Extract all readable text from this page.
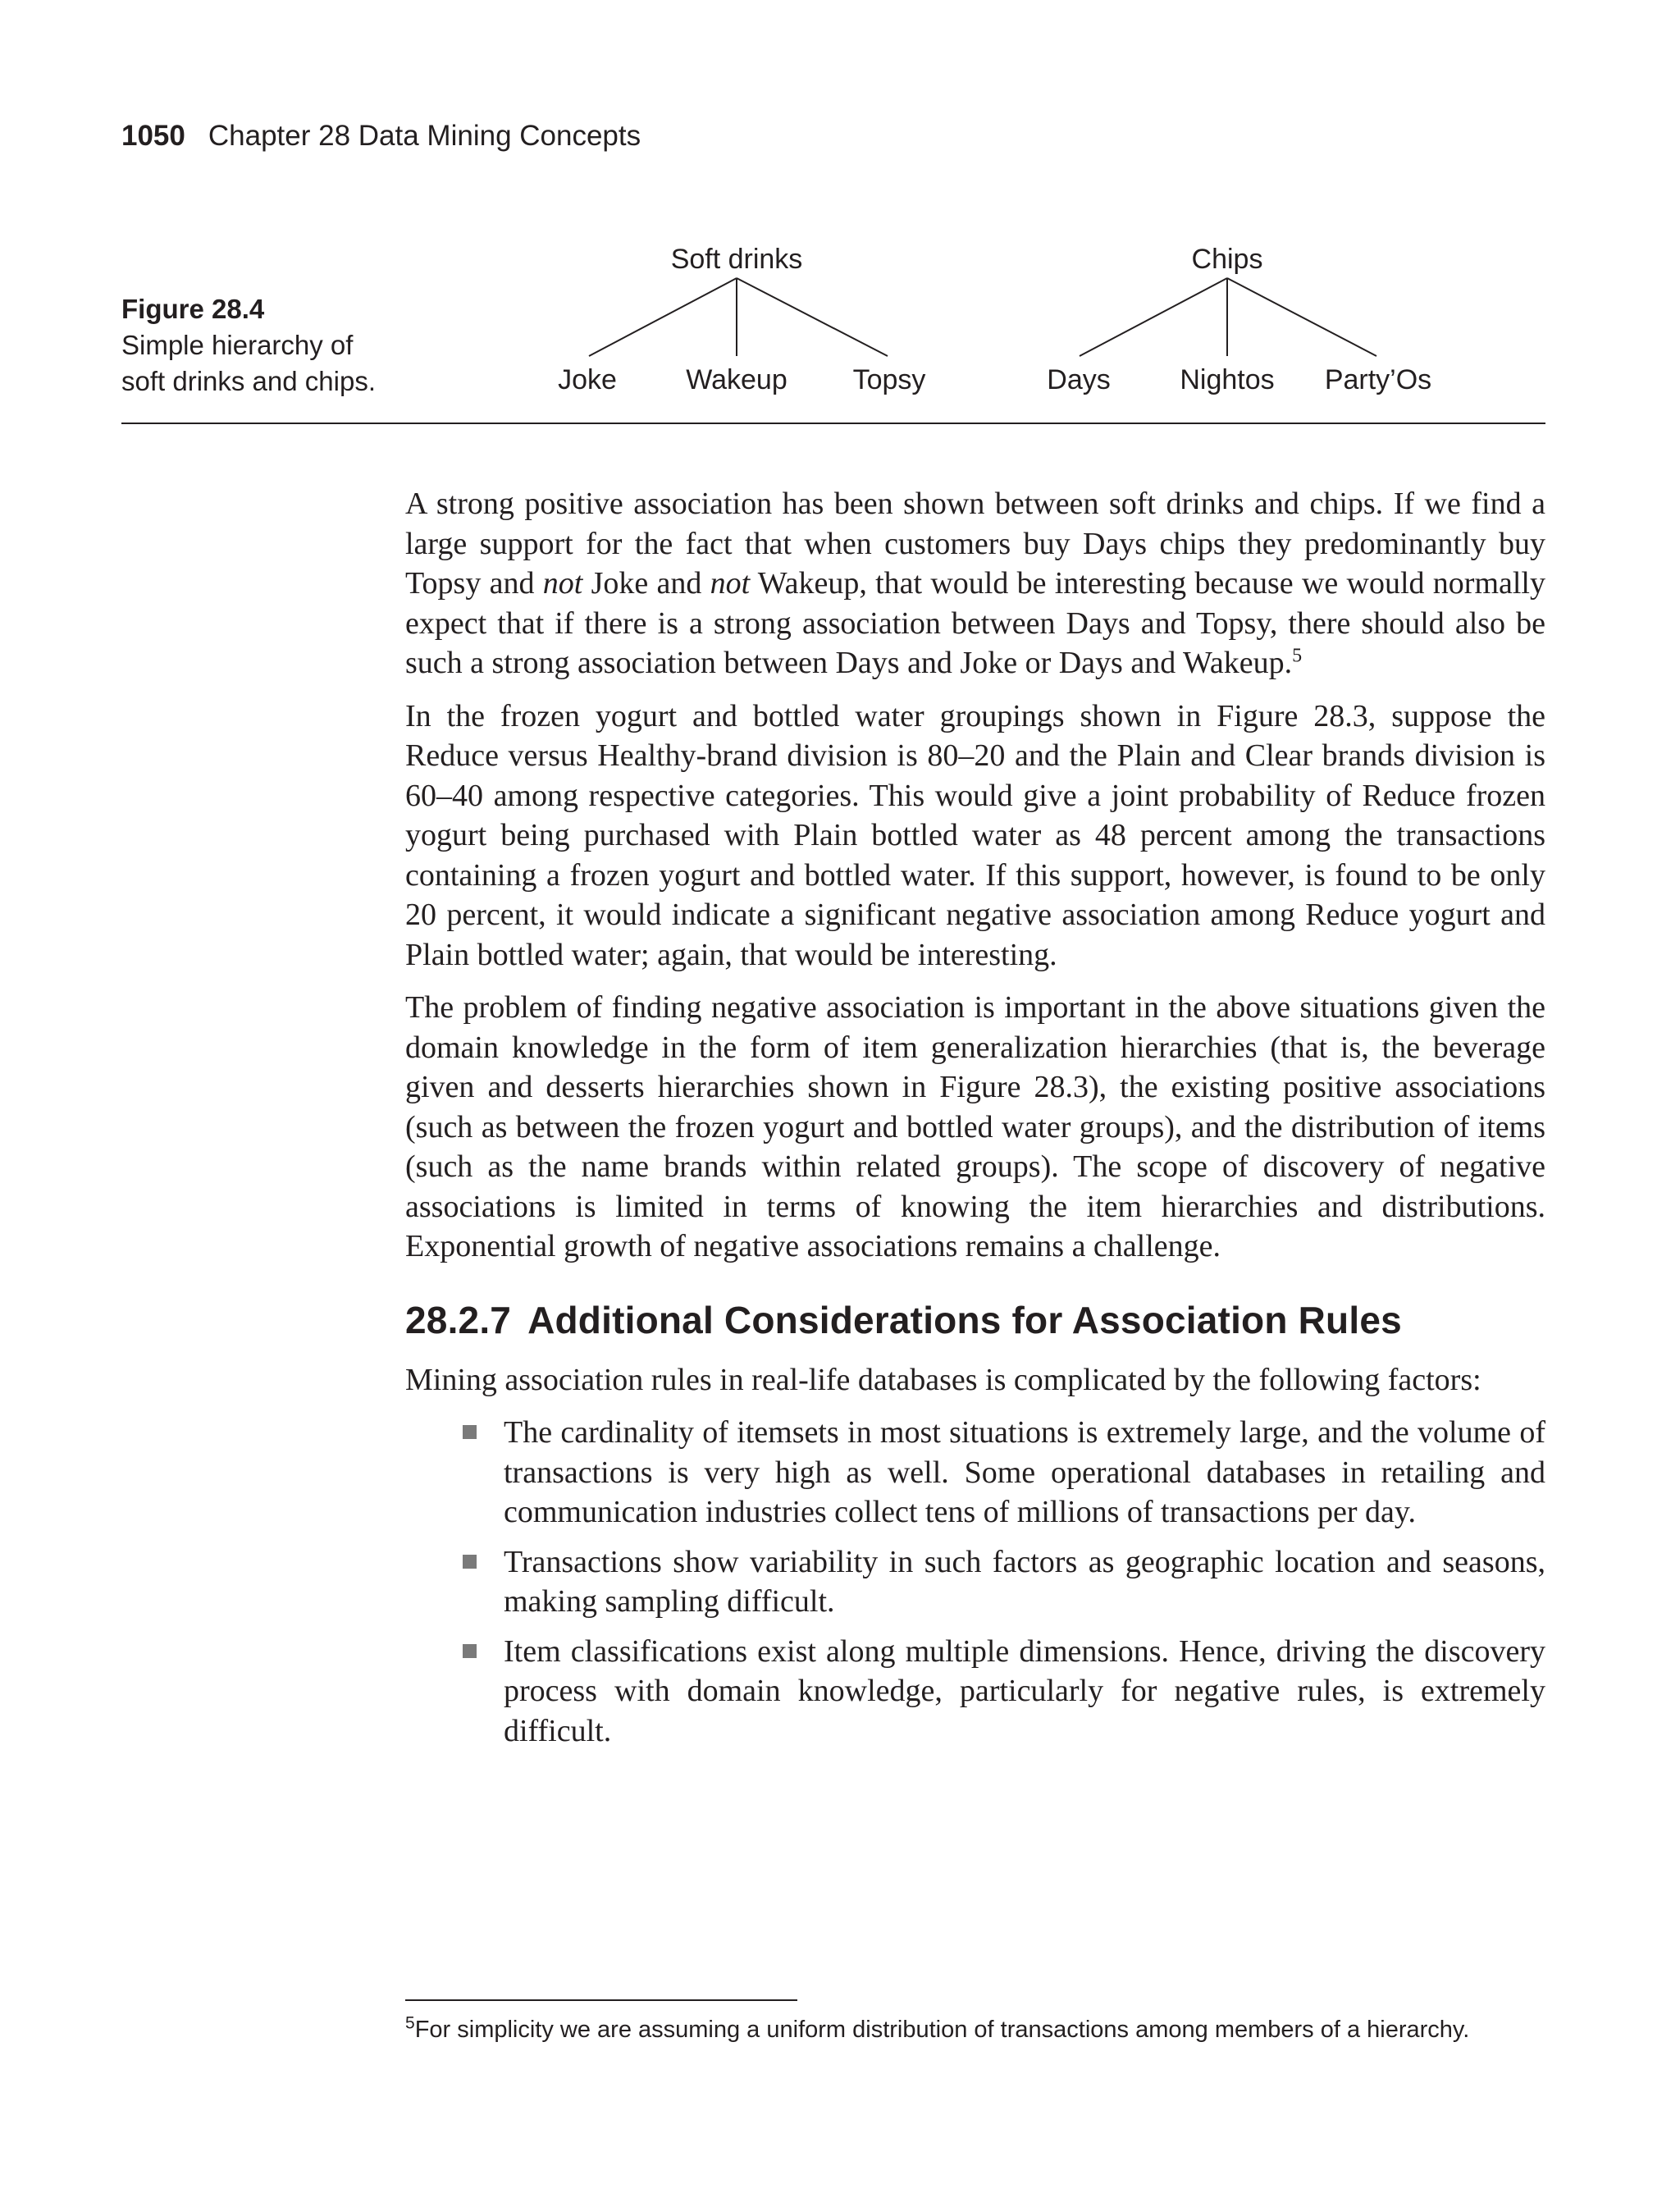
1050 Chapter 28 Data Mining Concepts
Figure 28.4
Simple hierarchy of soft drinks and chips.
Soft drinks
Joke Wakeup Topsy
Chips
Days Nightos Party’Os

A strong positive association has been shown between soft drinks and chips. If we find a large support for the fact that when customers buy Days chips they predominantly buy Topsy and not Joke and not Wakeup, that would be interesting because we would normally expect that if there is a strong association between Days and Topsy, there should also be such a strong association between Days and Joke or Days and Wakeup.$^5$

In the frozen yogurt and bottled water groupings shown in Figure 28.3, suppose the Reduce versus Healthy-brand division is 80–20 and the Plain and Clear brands division is 60–40 among respective categories. This would give a joint probability of Reduce frozen yogurt being purchased with Plain bottled water as 48 percent among the transactions containing a frozen yogurt and bottled water. If this support, however, is found to be only 20 percent, it would indicate a significant negative association among Reduce yogurt and Plain bottled water; again, that would be interesting.

The problem of finding negative association is important in the above situations given the domain knowledge in the form of item generalization hierarchies (that is, the beverage given and desserts hierarchies shown in Figure 28.3), the existing positive associations (such as between the frozen yogurt and bottled water groups), and the distribution of items (such as the name brands within related groups). The scope of discovery of negative associations is limited in terms of knowing the item hierarchies and distributions. Exponential growth of negative associations remains a challenge.

28.2.7 Additional Considerations for Association Rules

Mining association rules in real-life databases is complicated by the following factors:

The cardinality of itemsets in most situations is extremely large, and the volume of transactions is very high as well. Some operational databases in retailing and communication industries collect tens of millions of transactions per day.
Transactions show variability in such factors as geographic location and seasons, making sampling difficult.
Item classifications exist along multiple dimensions. Hence, driving the discovery process with domain knowledge, particularly for negative rules, is extremely difficult.
$^5$For simplicity we are assuming a uniform distribution of transactions among members of a hierarchy.
